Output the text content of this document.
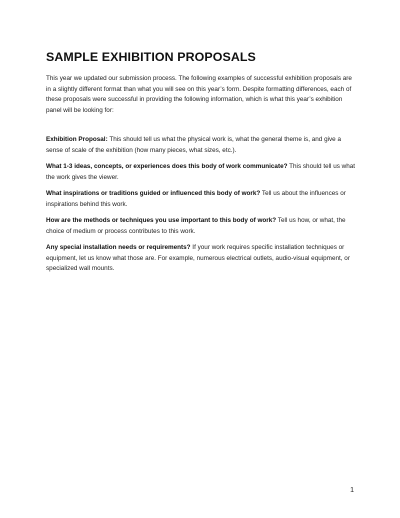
SAMPLE EXHIBITION PROPOSALS

This year we updated our submission process. The following examples of successful exhibition proposals are in a slightly different format than what you will see on this year’s form. Despite formatting differences, each of these proposals were successful in providing the following information, which is what this year’s exhibition panel will be looking for:

Exhibition Proposal: This should tell us what the physical work is, what the general theme is, and give a sense of scale of the exhibition (how many pieces, what sizes, etc.).

What 1-3 ideas, concepts, or experiences does this body of work communicate? This should tell us what the work gives the viewer.

What inspirations or traditions guided or influenced this body of work? Tell us about the influences or inspirations behind this work.

How are the methods or techniques you use important to this body of work? Tell us how, or what, the choice of medium or process contributes to this work.

Any special installation needs or requirements? If your work requires specific installation techniques or equipment, let us know what those are. For example, numerous electrical outlets, audio-visual equipment, or specialized wall mounts.

1
